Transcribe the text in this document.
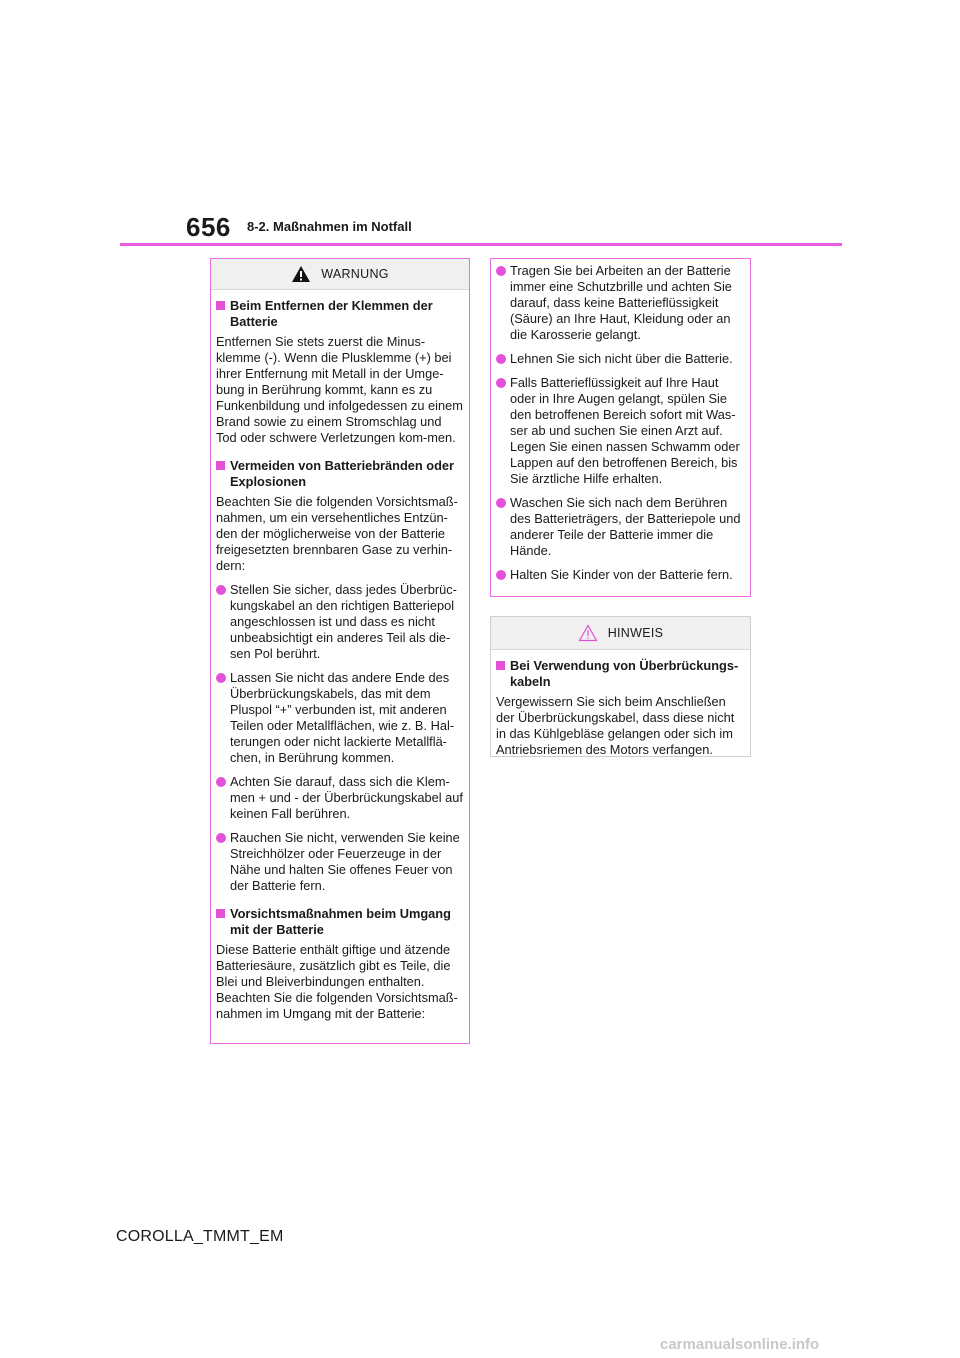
656 8-2. Maßnahmen im Notfall
WARNUNG
Beim Entfernen der Klemmen der Batterie

Entfernen Sie stets zuerst die Minus-klemme (-). Wenn die Plusklemme (+) bei ihrer Entfernung mit Metall in der Umge-bung in Berührung kommt, kann es zu Funkenbildung und infolgedessen zu einem Brand sowie zu einem Stromschlag und Tod oder schwere Verletzungen kom-men.

Vermeiden von Batteriebränden oder Explosionen

Beachten Sie die folgenden Vorsichtsmaß-nahmen, um ein versehentliches Entzün-den der möglicherweise von der Batterie freigesetzten brennbaren Gase zu verhin-dern:

Stellen Sie sicher, dass jedes Überbrüc-kungskabel an den richtigen Batteriepol angeschlossen ist und dass es nicht unbeabsichtigt ein anderes Teil als die-sen Pol berührt.
Lassen Sie nicht das andere Ende des Überbrückungskabels, das mit dem Pluspol “+” verbunden ist, mit anderen Teilen oder Metallflächen, wie z. B. Hal-terungen oder nicht lackierte Metallflä-chen, in Berührung kommen.
Achten Sie darauf, dass sich die Klem-men + und - der Überbrückungskabel auf keinen Fall berühren.
Rauchen Sie nicht, verwenden Sie keine Streichhölzer oder Feuerzeuge in der Nähe und halten Sie offenes Feuer von der Batterie fern.
Vorsichtsmaßnahmen beim Umgang mit der Batterie

Diese Batterie enthält giftige und ätzende Batteriesäure, zusätzlich gibt es Teile, die Blei und Bleiverbindungen enthalten. Beachten Sie die folgenden Vorsichtsmaß-nahmen im Umgang mit der Batterie:

Tragen Sie bei Arbeiten an der Batterie immer eine Schutzbrille und achten Sie darauf, dass keine Batterieflüssigkeit (Säure) an Ihre Haut, Kleidung oder an die Karosserie gelangt.
Lehnen Sie sich nicht über die Batterie.
Falls Batterieflüssigkeit auf Ihre Haut oder in Ihre Augen gelangt, spülen Sie den betroffenen Bereich sofort mit Was-ser ab und suchen Sie einen Arzt auf. Legen Sie einen nassen Schwamm oder Lappen auf den betroffenen Bereich, bis Sie ärztliche Hilfe erhalten.
Waschen Sie sich nach dem Berühren des Batterieträgers, der Batteriepole und anderer Teile der Batterie immer die Hände.
Halten Sie Kinder von der Batterie fern.
HINWEIS
Bei Verwendung von Überbrückungs-kabeln

Vergewissern Sie sich beim Anschließen der Überbrückungskabel, dass diese nicht in das Kühlgebläse gelangen oder sich im Antriebsriemen des Motors verfangen.

COROLLA_TMMT_EM
carmanualsonline.info
